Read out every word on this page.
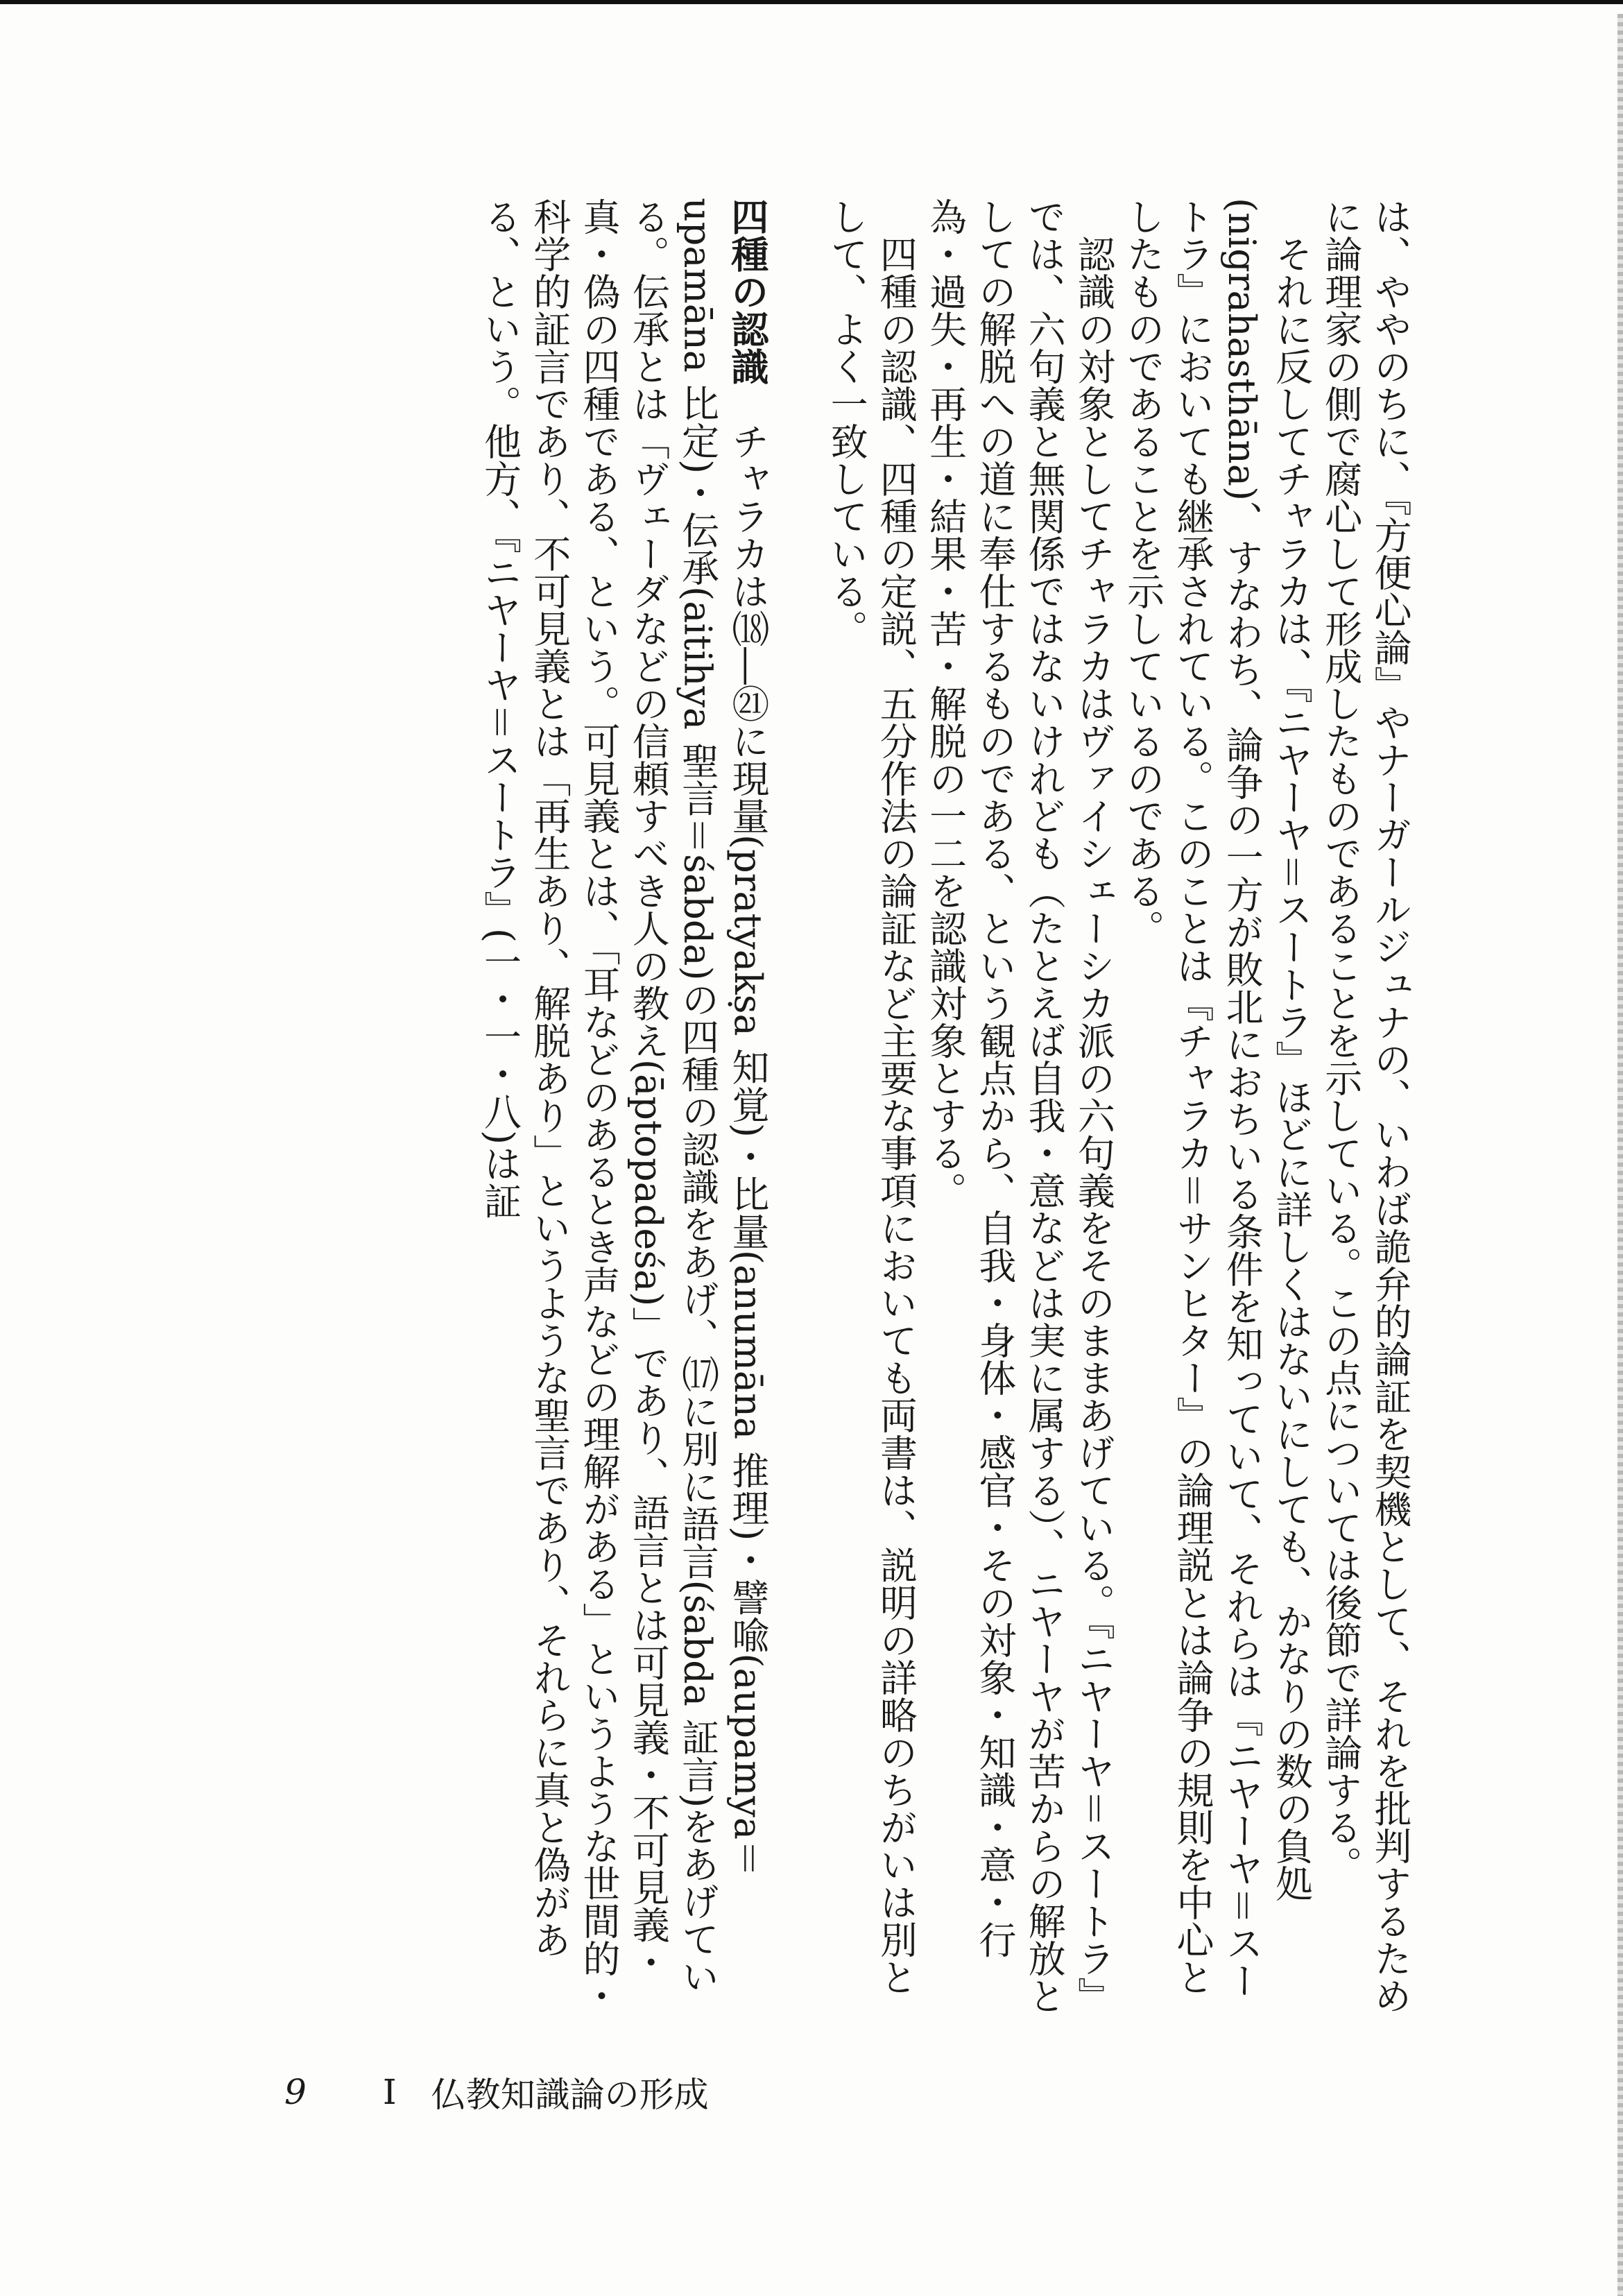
は、ややのちに、『方便心論』やナーガールジュナの、いわば詭弁的論証を契機として、それを批判するために論理家の側で腐心して形成したものであることを示している。この点については後節で詳論する。

それに反してチャラカは、『ニヤーヤ＝スートラ』ほどに詳しくはないにしても、かなりの数の負処(nigrahasthāna)、すなわち、論争の一方が敗北におちいる条件を知っていて、それらは『ニヤーヤ＝スートラ』においても継承されている。このことは『チャラカ＝サンヒター』の論理説とは論争の規則を中心としたものであることを示しているのである。

認識の対象としてチャラカはヴァイシェーシカ派の六句義をそのままあげている。『ニヤーヤ＝スートラ』では、六句義と無関係ではないけれども（たとえば自我・意などは実に属する）、ニヤーヤが苦からの解放としての解脱への道に奉仕するものである、という観点から、自我・身体・感官・その対象・知識・意・行為・過失・再生・結果・苦・解脱の一二を認識対象とする。

四種の認識、四種の定説、五分作法の論証など主要な事項においても両書は、説明の詳略のちがいは別として、よく一致している。

四種の認識チャラカは⒅―㉑に現量(pratyakṣa 知覚)・比量(anumāna 推理)・譬喩(aupamya＝upamāna 比定)・伝承(aitihya 聖言＝śabda)の四種の認識をあげ、⒄に別に語言(śabda 証言)をあげている。伝承とは「ヴェーダなどの信頼すべき人の教え(āptopadeśa)」であり、語言とは可見義・不可見義・真・偽の四種である、という。可見義とは、「耳などのあるとき声などの理解がある」というような世間的・科学的証言であり、不可見義とは「再生あり、解脱あり」というような聖言であり、それらに真と偽がある、という。他方、『ニヤーヤ＝スートラ』(一・一・八)は証

9 I 仏教知識論の形成
